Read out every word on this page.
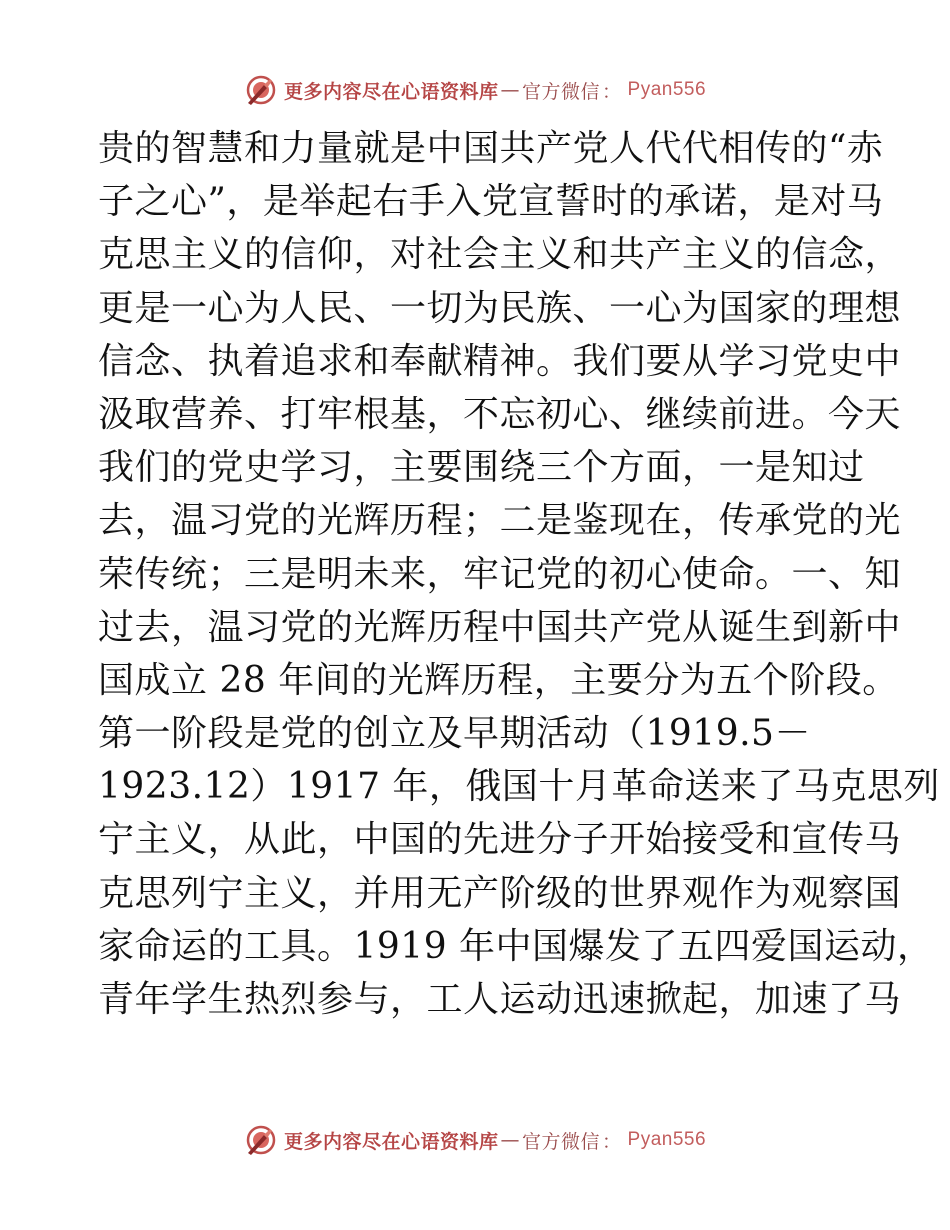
更多内容尽在心语资料库 — 官方微信 ： Pyan556
贵的智慧和力量就是中国共产党人代代相传的“赤
子之心”，是举起右手入党宣誓时的承诺，是对马
克思主义的信仰，对社会主义和共产主义的信念，
更是一心为人民、一切为民族、一心为国家的理想
信念、执着追求和奉献精神。我们要从学习党史中
汲取营养、打牢根基，不忘初心、继续前进。今天
我们的党史学习，主要围绕三个方面，一是知过
去，温习党的光辉历程；二是鉴现在，传承党的光
荣传统；三是明未来，牢记党的初心使命。一、知
过去，温习党的光辉历程中国共产党从诞生到新中
国成立 28 年间的光辉历程，主要分为五个阶段。
第一阶段是党的创立及早期活动（1919.5－
1923.12）1917 年，俄国十月革命送来了马克思列
宁主义，从此，中国的先进分子开始接受和宣传马
克思列宁主义，并用无产阶级的世界观作为观察国
家命运的工具。1919 年中国爆发了五四爱国运动，
青年学生热烈参与，工人运动迅速掀起，加速了马
更多内容尽在心语资料库 — 官方微信 ： Pyan556
